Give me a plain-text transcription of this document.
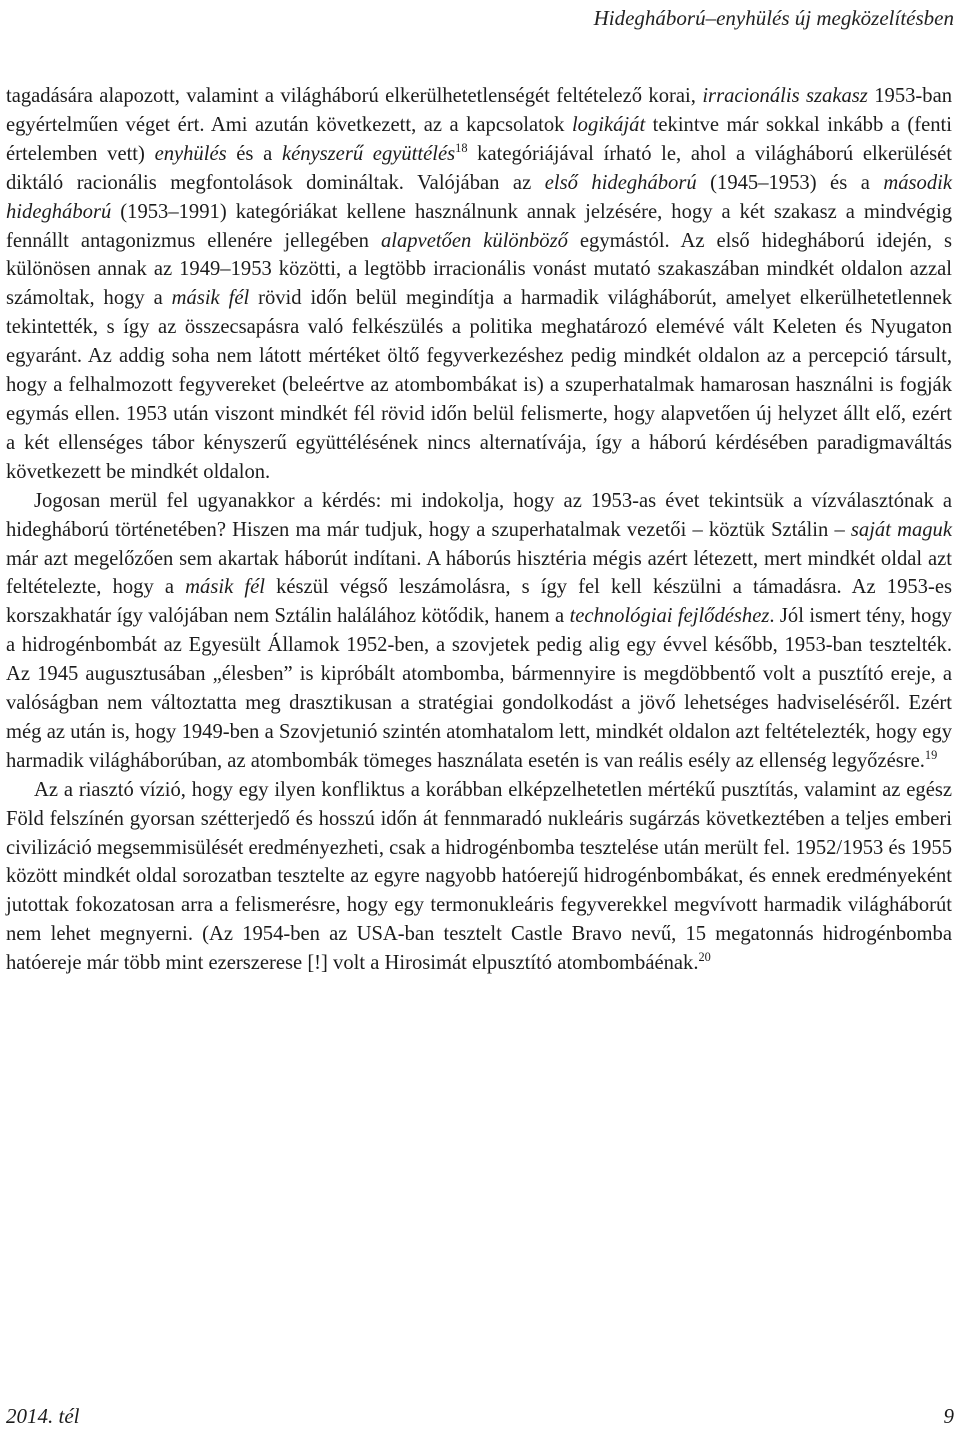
Hidegháború–enyhülés új megközelítésben

tagadására alapozott, valamint a világháború elkerülhetetlenségét feltételező korai, irracionális szakasz 1953-ban egyértelműen véget ért. Ami azután következett, az a kapcsolatok logikáját tekintve már sokkal inkább a (fenti értelemben vett) enyhülés és a kényszerű együttélés$^{18}$ kategóriájával írható le, ahol a világháború elkerülését diktáló racionális megfontolások domináltak. Valójában az első hidegháború (1945–1953) és a második hidegháború (1953–1991) kategóriákat kellene használnunk annak jelzésére, hogy a két szakasz a mindvégig fennállt antagonizmus ellenére jellegében alapvetően különböző egymástól. Az első hidegháború idején, s különösen annak az 1949–1953 közötti, a legtöbb irracionális vonást mutató szakaszában mindkét oldalon azzal számoltak, hogy a másik fél rövid időn belül megindítja a harmadik világháborút, amelyet elkerülhetetlennek tekintették, s így az összecsapásra való felkészülés a politika meghatározó elemévé vált Keleten és Nyugaton egyaránt. Az addig soha nem látott mértéket öltő fegyverkezéshez pedig mindkét oldalon az a percepció társult, hogy a felhalmozott fegyvereket (beleértve az atombombákat is) a szuperhatalmak hamarosan használni is fogják egymás ellen. 1953 után viszont mindkét fél rövid időn belül felismerte, hogy alapvetően új helyzet állt elő, ezért a két ellenséges tábor kényszerű együttélésének nincs alternatívája, így a háború kérdésében paradigmaváltás következett be mindkét oldalon.

Jogosan merül fel ugyanakkor a kérdés: mi indokolja, hogy az 1953-as évet tekintsük a vízválasztónak a hidegháború történetében? Hiszen ma már tudjuk, hogy a szuperhatalmak vezetői – köztük Sztálin – saját maguk már azt megelőzően sem akartak háborút indítani. A háborús hisztéria mégis azért létezett, mert mindkét oldal azt feltételezte, hogy a másik fél készül végső leszámolásra, s így fel kell készülni a támadásra. Az 1953-es korszakhatár így valójában nem Sztálin halálához kötődik, hanem a technológiai fejlődéshez. Jól ismert tény, hogy a hidrogénbombát az Egyesült Államok 1952-ben, a szovjetek pedig alig egy évvel később, 1953-ban tesztelték. Az 1945 augusztusában „élesben” is kipróbált atombomba, bármennyire is megdöbbentő volt a pusztító ereje, a valóságban nem változtatta meg drasztikusan a stratégiai gondolkodást a jövő lehetséges hadviseléséről. Ezért még az után is, hogy 1949-ben a Szovjetunió szintén atomhatalom lett, mindkét oldalon azt feltételezték, hogy egy harmadik világháborúban, az atombombák tömeges használata esetén is van reális esély az ellenség legyőzésre.$^{19}$

Az a riasztó vízió, hogy egy ilyen konfliktus a korábban elképzelhetetlen mértékű pusztítás, valamint az egész Föld felszínén gyorsan szétterjedő és hosszú időn át fennmaradó nukleáris sugárzás következtében a teljes emberi civilizáció megsemmisülését eredményezheti, csak a hidrogénbomba tesztelése után merült fel. 1952/1953 és 1955 között mindkét oldal sorozatban tesztelte az egyre nagyobb hatóerejű hidrogénbombákat, és ennek eredményeként jutottak fokozatosan arra a felismerésre, hogy egy termonukleáris fegyverekkel megvívott harmadik világháborút nem lehet megnyerni. (Az 1954-ben az USA-ban tesztelt Castle Bravo nevű, 15 megatonnás hidrogénbomba hatóereje már több mint ezerszerese [!] volt a Hirosimát elpusztító atombombáénak.$^{20}$

2014. tél	9
